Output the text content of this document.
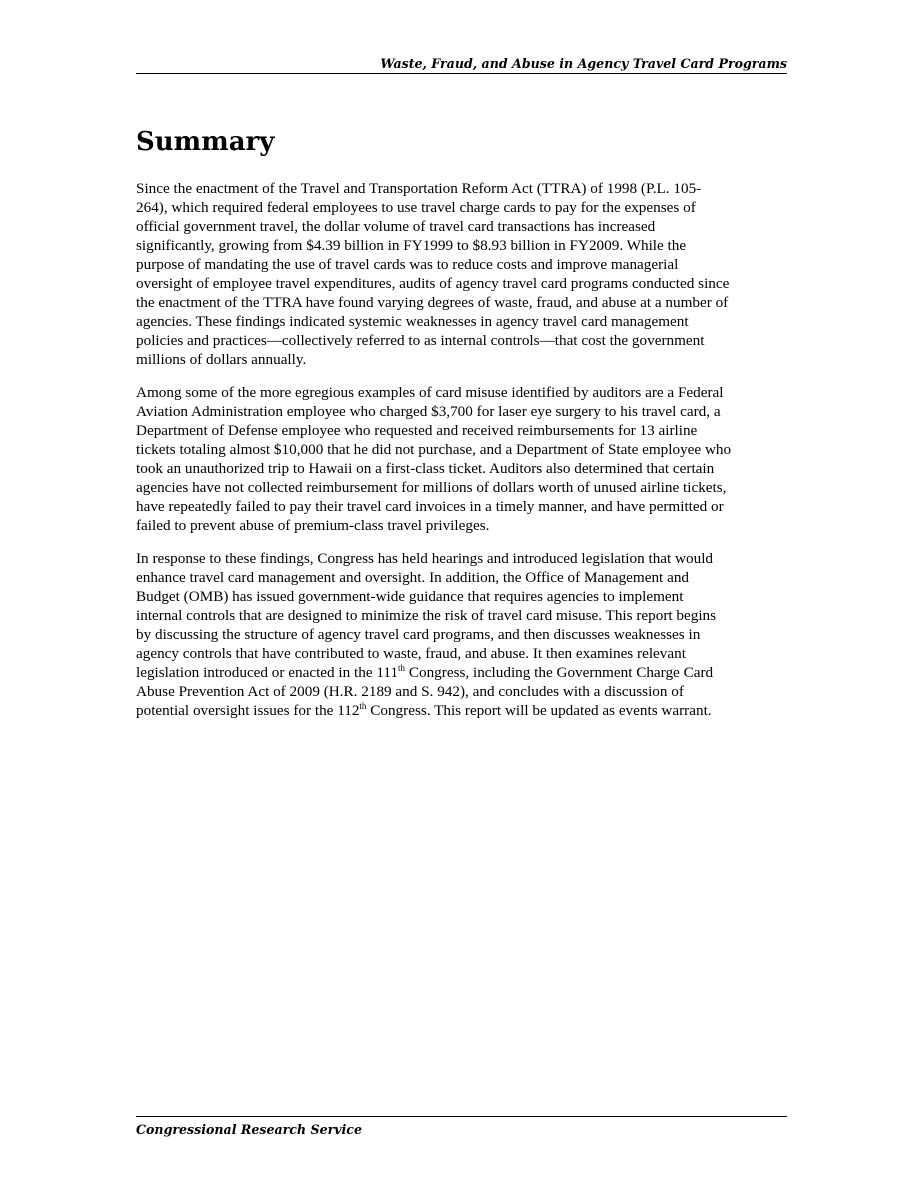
Waste, Fraud, and Abuse in Agency Travel Card Programs
Summary

Since the enactment of the Travel and Transportation Reform Act (TTRA) of 1998 (P.L. 105-
264), which required federal employees to use travel charge cards to pay for the expenses of
official government travel, the dollar volume of travel card transactions has increased
significantly, growing from $4.39 billion in FY1999 to $8.93 billion in FY2009. While the
purpose of mandating the use of travel cards was to reduce costs and improve managerial
oversight of employee travel expenditures, audits of agency travel card programs conducted since
the enactment of the TTRA have found varying degrees of waste, fraud, and abuse at a number of
agencies. These findings indicated systemic weaknesses in agency travel card management
policies and practices—collectively referred to as internal controls—that cost the government
millions of dollars annually.

Among some of the more egregious examples of card misuse identified by auditors are a Federal
Aviation Administration employee who charged $3,700 for laser eye surgery to his travel card, a
Department of Defense employee who requested and received reimbursements for 13 airline
tickets totaling almost $10,000 that he did not purchase, and a Department of State employee who
took an unauthorized trip to Hawaii on a first-class ticket. Auditors also determined that certain
agencies have not collected reimbursement for millions of dollars worth of unused airline tickets,
have repeatedly failed to pay their travel card invoices in a timely manner, and have permitted or
failed to prevent abuse of premium-class travel privileges.

In response to these findings, Congress has held hearings and introduced legislation that would
enhance travel card management and oversight. In addition, the Office of Management and
Budget (OMB) has issued government-wide guidance that requires agencies to implement
internal controls that are designed to minimize the risk of travel card misuse. This report begins
by discussing the structure of agency travel card programs, and then discusses weaknesses in
agency controls that have contributed to waste, fraud, and abuse. It then examines relevant
legislation introduced or enacted in the 111th Congress, including the Government Charge Card
Abuse Prevention Act of 2009 (H.R. 2189 and S. 942), and concludes with a discussion of
potential oversight issues for the 112th Congress. This report will be updated as events warrant.

Congressional Research Service
